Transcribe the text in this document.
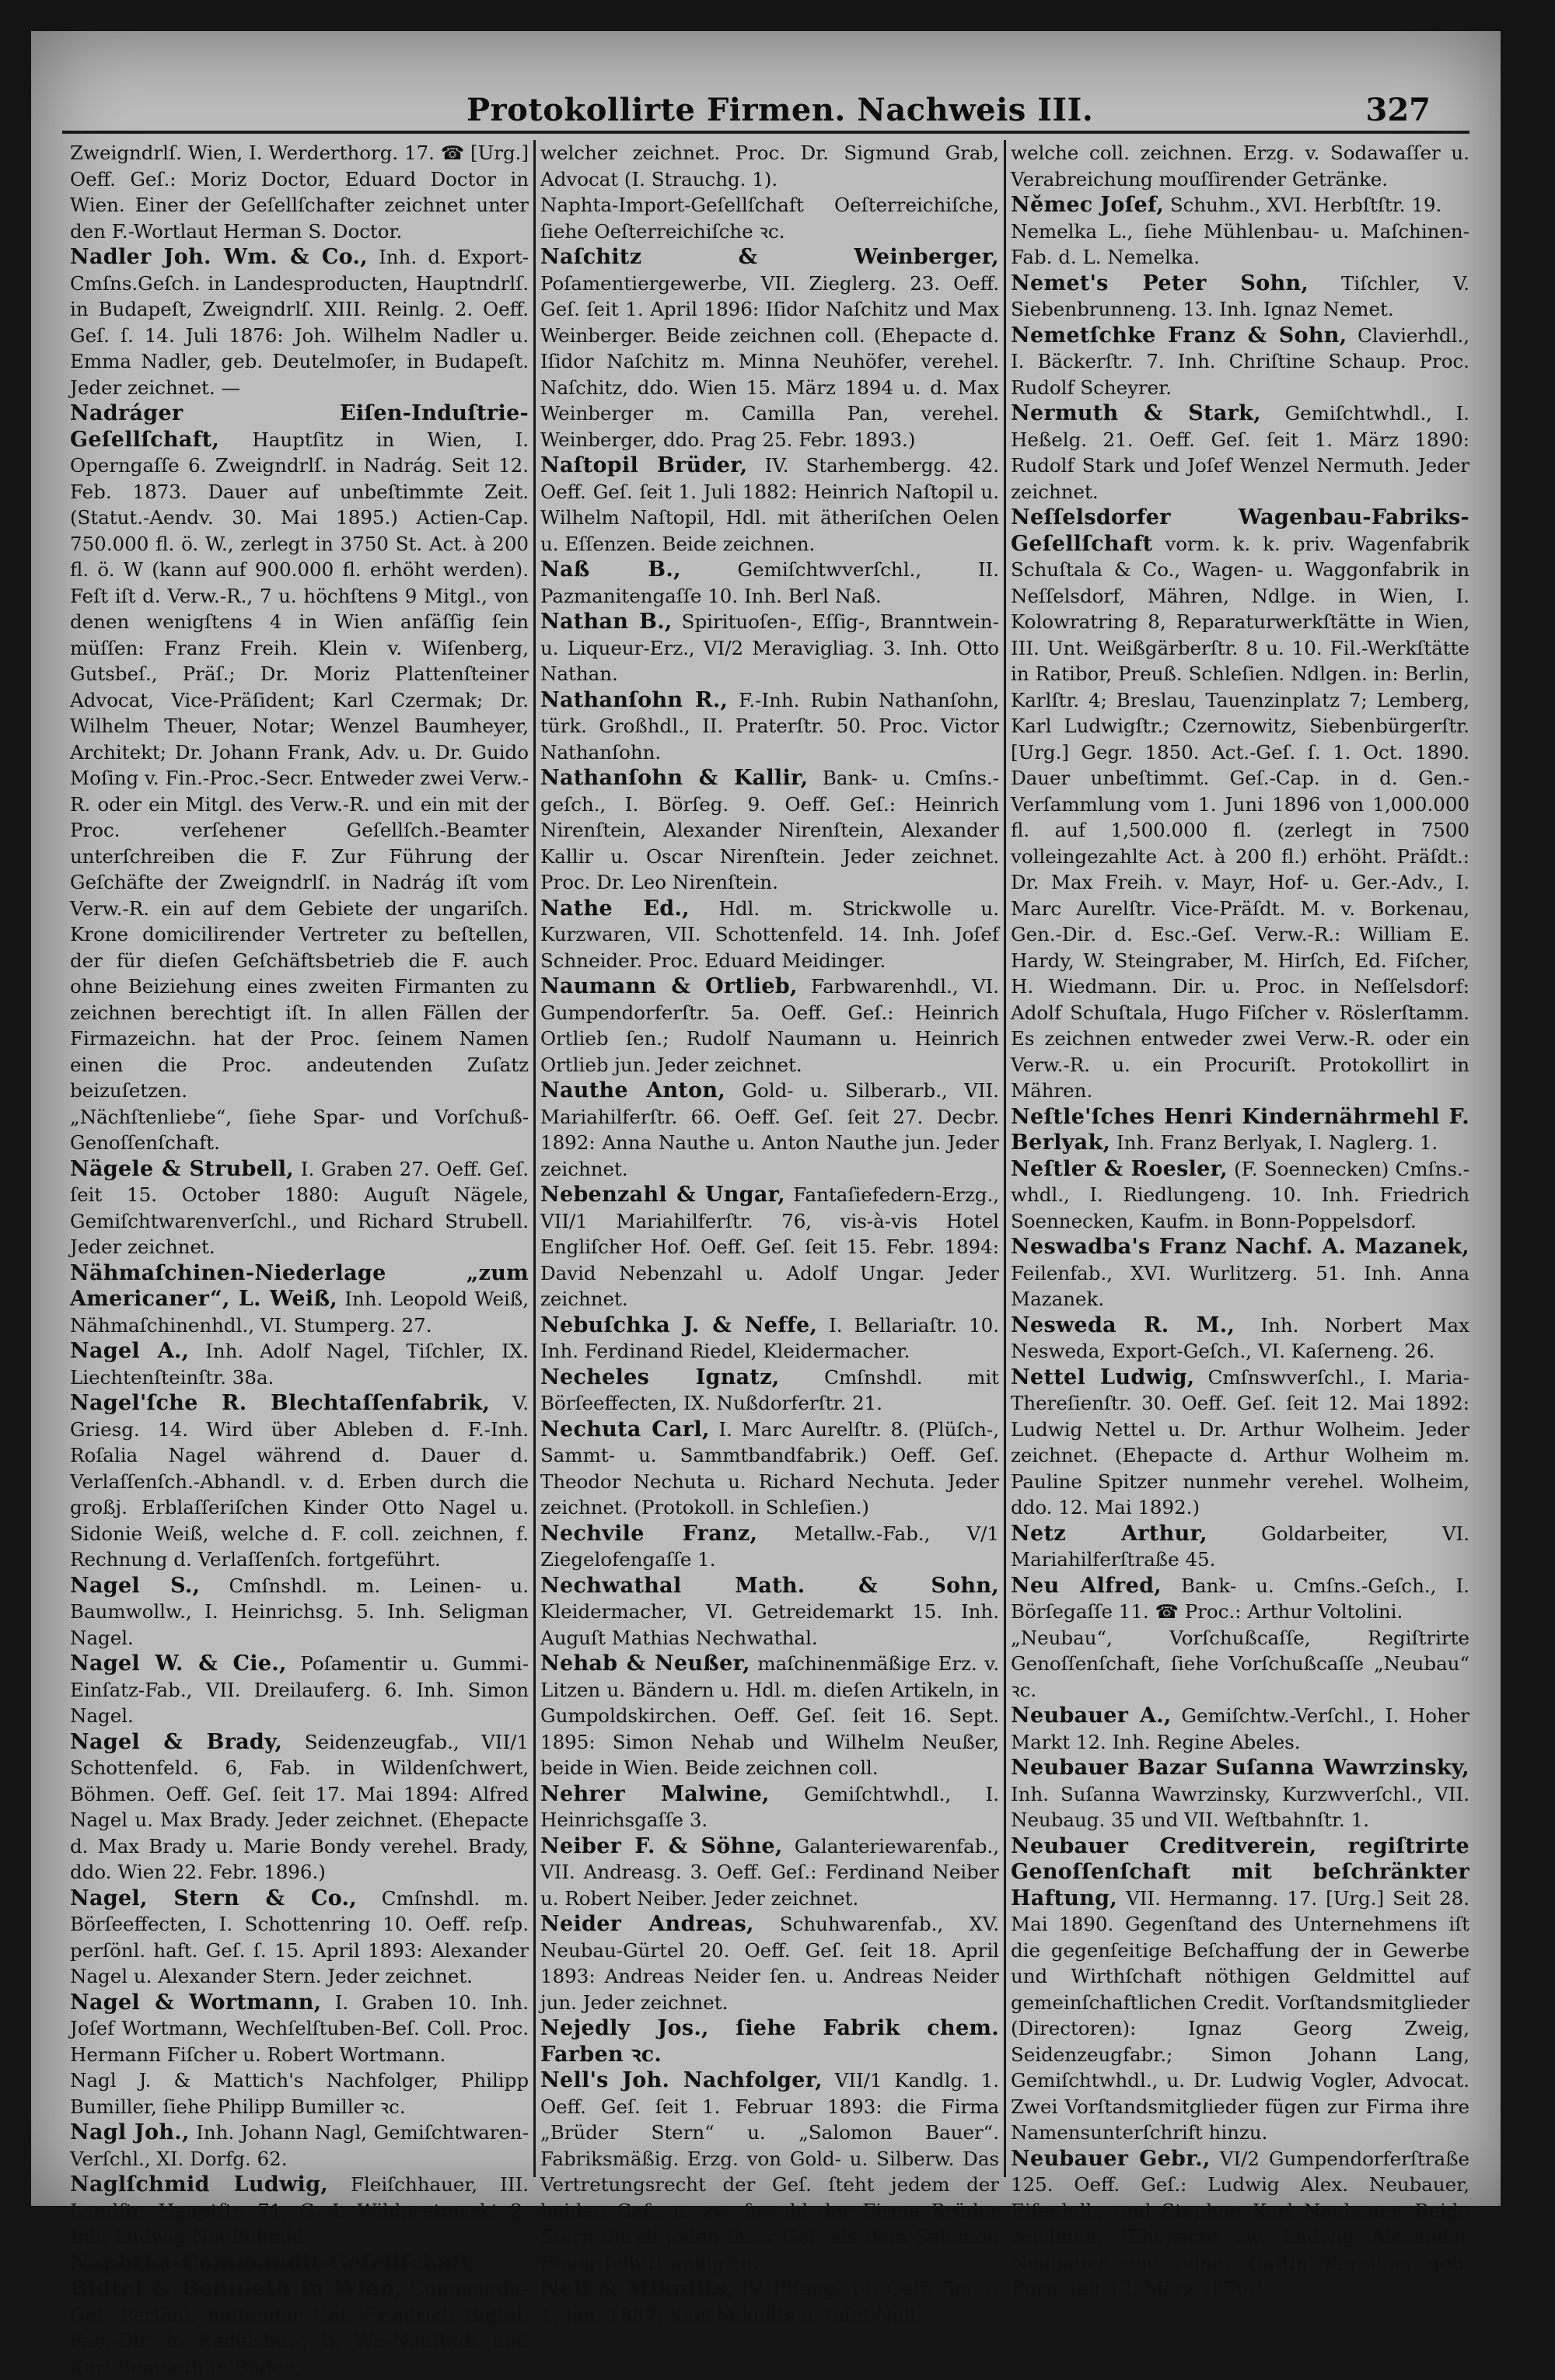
Protokollirte Firmen. Nachweis III.	327

Zweigndrlſ. Wien, I. Werderthorg. 17. ☎ [Urg.] Oeff. Geſ.: Moriz Doctor, Eduard Doctor in Wien. Einer der Geſellſchafter zeichnet unter den F.-Wortlaut Herman S. Doctor.

Nadler Joh. Wm. & Co., Inh. d. Export-Cmſns.Geſch. in Landesproducten, Hauptndrlſ. in Budapeſt, Zweigndrlſ. XIII. Reinlg. 2. Oeff. Geſ. ſ. 14. Juli 1876: Joh. Wilhelm Nadler u. Emma Nadler, geb. Deutelmoſer, in Budapeſt. Jeder zeichnet. —

Nadráger Eiſen-Induſtrie-Geſellſchaft, Hauptſitz in Wien, I. Operngaſſe 6. Zweigndrlſ. in Nadrág. Seit 12. Feb. 1873. Dauer auf unbeſtimmte Zeit. (Statut.-Aendv. 30. Mai 1895.) Actien-Cap. 750.000 fl. ö. W., zerlegt in 3750 St. Act. à 200 fl. ö. W (kann auf 900.000 fl. erhöht werden). Feſt iſt d. Verw.-R., 7 u. höchſtens 9 Mitgl., von denen wenigſtens 4 in Wien anſäſſig ſein müſſen: Franz Freih. Klein v. Wiſenberg, Gutsbeſ., Präſ.; Dr. Moriz Plattenſteiner Advocat, Vice-Präſident; Karl Czermak; Dr. Wilhelm Theuer, Notar; Wenzel Baumheyer, Architekt; Dr. Johann Frank, Adv. u. Dr. Guido Moſing v. Fin.-Proc.-Secr. Entweder zwei Verw.-R. oder ein Mitgl. des Verw.-R. und ein mit der Proc. verſehener Geſellſch.-Beamter unterſchreiben die F. Zur Führung der Geſchäfte der Zweigndrlſ. in Nadrág iſt vom Verw.-R. ein auf dem Gebiete der ungariſch. Krone domicilirender Vertreter zu beſtellen, der für dieſen Geſchäftsbetrieb die F. auch ohne Beiziehung eines zweiten Firmanten zu zeichnen berechtigt iſt. In allen Fällen der Firmazeichn. hat der Proc. ſeinem Namen einen die Proc. andeutenden Zuſatz beizuſetzen.

„Nächſtenliebe“, ſiehe Spar- und Vorſchuß-Genoſſenſchaft.

Nägele & Strubell, I. Graben 27. Oeff. Geſ. ſeit 15. October 1880: Auguſt Nägele, Gemiſchtwarenverſchl., und Richard Strubell. Jeder zeichnet.

Nähmaſchinen-Niederlage „zum Americaner“, L. Weiß, Inh. Leopold Weiß, Nähmaſchinenhdl., VI. Stumperg. 27.

Nagel A., Inh. Adolf Nagel, Tiſchler, IX. Liechtenſteinſtr. 38a.

Nagel'ſche R. Blechtaſſenfabrik, V. Griesg. 14. Wird über Ableben d. F.-Inh. Roſalia Nagel während d. Dauer d. Verlaſſenſch.-Abhandl. v. d. Erben durch die großj. Erblaſſeriſchen Kinder Otto Nagel u. Sidonie Weiß, welche d. F. coll. zeichnen, f. Rechnung d. Verlaſſenſch. fortgeführt.

Nagel S., Cmſnshdl. m. Leinen- u. Baumwollw., I. Heinrichsg. 5. Inh. Seligman Nagel.

Nagel W. & Cie., Poſamentir u. Gummi-Einſatz-Fab., VII. Dreilauferg. 6. Inh. Simon Nagel.

Nagel & Brady, Seidenzeugfab., VII/1 Schottenfeld. 6, Fab. in Wildenſchwert, Böhmen. Oeff. Geſ. ſeit 17. Mai 1894: Alfred Nagel u. Max Brady. Jeder zeichnet. (Ehepacte d. Max Brady u. Marie Bondy verehel. Brady, ddo. Wien 22. Febr. 1896.)

Nagel, Stern & Co., Cmſnshdl. m. Börſeeffecten, I. Schottenring 10. Oeff. reſp. perſönl. haft. Geſ. ſ. 15. April 1893: Alexander Nagel u. Alexander Stern. Jeder zeichnet.

Nagel & Wortmann, I. Graben 10. Inh. Joſef Wortmann, Wechſelſtuben-Beſ. Coll. Proc. Hermann Fiſcher u. Robert Wortmann.

Nagl J. & Mattich's Nachfolger, Philipp Bumiller, ſiehe Philipp Bumiller ꝛc.

Nagl Joh., Inh. Johann Nagl, Gemiſchtwaren-Verſchl., XI. Dorfg. 62.

Naglſchmid Ludwig, Fleiſchhauer, III. Landſtr. Hauptſtr. 71, G. I. Wildpretmarkt 2. Inh. Ludwig Naglſchmid.

Naphtha-Commandit-Geſellſchaft Bidtel & Benuleth in Wien, Commandit-Geſ. Perſönl. haftender Geſ. Friedrich Bidtel, Fab.-Dir. in Radelsburg b. Wr.-Neuſtadt und Karl Benuleth in Baden,

welcher zeichnet. Proc. Dr. Sigmund Grab, Advocat (I. Strauchg. 1).

Naphta-Import-Geſellſchaft Oeſterreichiſche, ſiehe Oeſterreichiſche ꝛc.

Naſchitz & Weinberger, Poſamentiergewerbe, VII. Zieglerg. 23. Oeff. Geſ. ſeit 1. April 1896: Iſidor Naſchitz und Max Weinberger. Beide zeichnen coll. (Ehepacte d. Iſidor Naſchitz m. Minna Neuhöfer, verehel. Naſchitz, ddo. Wien 15. März 1894 u. d. Max Weinberger m. Camilla Pan, verehel. Weinberger, ddo. Prag 25. Febr. 1893.)

Naſtopil Brüder, IV. Starhembergg. 42. Oeff. Geſ. ſeit 1. Juli 1882: Heinrich Naſtopil u. Wilhelm Naſtopil, Hdl. mit ätheriſchen Oelen u. Eſſenzen. Beide zeichnen.

Naß B.,	Gemiſchtwverſchl., II. Pazmanitengaſſe 10. Inh. Berl Naß.

Nathan B., Spirituoſen-, Eſſig-, Branntwein- u. Liqueur-Erz., VI/2 Meravigliag. 3. Inh. Otto Nathan.

Nathanſohn R., F.-Inh. Rubin Nathanſohn, türk. Großhdl., II. Praterſtr. 50. Proc. Victor Nathanſohn.

Nathanſohn & Kallir, Bank- u. Cmſns.-geſch., I. Börſeg. 9. Oeff. Geſ.: Heinrich Nirenſtein, Alexander Nirenſtein, Alexander Kallir u. Oscar Nirenſtein. Jeder zeichnet. Proc. Dr. Leo Nirenſtein.

Nathe Ed., Hdl. m. Strickwolle u. Kurzwaren, VII. Schottenfeld. 14. Inh. Joſef Schneider. Proc. Eduard Meidinger.

Naumann & Ortlieb, Farbwarenhdl., VI. Gumpendorferſtr. 5a. Oeff. Geſ.: Heinrich Ortlieb ſen.; Rudolf Naumann u. Heinrich Ortlieb jun. Jeder zeichnet.

Nauthe Anton, Gold- u. Silberarb., VII. Mariahilferſtr. 66. Oeff. Geſ. ſeit 27. Decbr. 1892: Anna Nauthe u. Anton Nauthe jun. Jeder zeichnet.

Nebenzahl & Ungar, Fantaſiefedern-Erzg., VII/1 Mariahilferſtr. 76, vis-à-vis Hotel Engliſcher Hof. Oeff. Geſ. ſeit 15. Febr. 1894: David Nebenzahl u. Adolf Ungar. Jeder zeichnet.

Nebuſchka J. & Neffe, I. Bellariaſtr. 10. Inh. Ferdinand Riedel, Kleidermacher.

Necheles Ignatz, Cmſnshdl. mit Börſeeffecten, IX. Nußdorferſtr. 21.

Nechuta Carl, I. Marc Aurelſtr. 8. (Plüſch-, Sammt- u. Sammtbandfabrik.) Oeff. Geſ. Theodor Nechuta u. Richard Nechuta. Jeder zeichnet. (Protokoll. in Schleſien.)

Nechvile Franz, Metallw.-Fab., V/1 Ziegelofengaſſe 1.

Nechwathal Math. & Sohn, Kleidermacher, VI. Getreidemarkt 15. Inh. Auguſt Mathias Nechwathal.

Nehab & Neußer, maſchinenmäßige Erz. v. Litzen u. Bändern u. Hdl. m. dieſen Artikeln, in Gumpoldskirchen. Oeff. Geſ. ſeit 16. Sept. 1895: Simon Nehab und Wilhelm Neußer, beide in Wien. Beide zeichnen coll.

Nehrer Malwine, Gemiſchtwhdl., I. Heinrichsgaſſe 3.

Neiber F. & Söhne, Galanteriewarenfab., VII. Andreasg. 3. Oeff. Geſ.: Ferdinand Neiber u. Robert Neiber. Jeder zeichnet.

Neider Andreas, Schuhwarenfab., XV. Neubau-Gürtel 20. Oeff. Geſ. ſeit 18. April 1893: Andreas Neider ſen. u. Andreas Neider jun. Jeder zeichnet.

Nejedly Jos., ſiehe Fabrik chem. Farben ꝛc.

Nell's Joh. Nachfolger, VII/1 Kandlg. 1. Oeff. Geſ. ſeit 1. Februar 1893: die Firma „Brüder Stern“ u. „Salomon Bauer“. Fabriksmäßig. Erzg. von Gold- u. Silberw. Das Vertretungsrecht der Geſ. ſteht jedem der beiden Geſ., u. zw. ſowohl der Firma Brüder Stern durch jeden ihrer Geſ. als dem Salomon Bauer ſelbſtſtändig zu.

Nell & Mikulits, IV. Eiſeng. 14. Oeff. Geſ. ſ. 1. Jan. 1887: Karl Mikulits u. Joſef Nell,

welche coll. zeichnen. Erzg. v. Sodawaſſer u. Verabreichung mouſſirender Getränke.

Němec Joſef, Schuhm., XVI. Herbſtſtr. 19.

Nemelka L., ſiehe Mühlenbau- u. Maſchinen-Fab. d. L. Nemelka.

Nemet's Peter Sohn, Tiſchler, V. Siebenbrunneng. 13. Inh. Ignaz Nemet.

Nemetſchke Franz & Sohn, Clavierhdl., I. Bäckerſtr. 7. Inh. Chriſtine Schaup. Proc. Rudolf Scheyrer.

Nermuth & Stark, Gemiſchtwhdl., I. Heßelg. 21. Oeff. Geſ. ſeit 1. März 1890: Rudolf Stark und Joſef Wenzel Nermuth. Jeder zeichnet.

Neſſelsdorfer Wagenbau-Fabriks-Geſellſchaft vorm. k. k. priv. Wagenfabrik Schuſtala & Co., Wagen- u. Waggonfabrik in Neſſelsdorf, Mähren, Ndlge. in Wien, I. Kolowratring 8, Reparaturwerkſtätte in Wien, III. Unt. Weißgärberſtr. 8 u. 10. Fil.-Werkſtätte in Ratibor, Preuß. Schleſien. Ndlgen. in: Berlin, Karlſtr. 4; Breslau, Tauenzinplatz 7; Lemberg, Karl Ludwigſtr.; Czernowitz, Siebenbürgerſtr. [Urg.] Gegr. 1850. Act.-Geſ. ſ. 1. Oct. 1890. Dauer unbeſtimmt. Geſ.-Cap. in d. Gen.-Verſammlung vom 1. Juni 1896 von 1,000.000 fl. auf 1,500.000 fl. (zerlegt in 7500 volleingezahlte Act. à 200 fl.) erhöht. Präſdt.: Dr. Max Freih. v. Mayr, Hof- u. Ger.-Adv., I. Marc Aurelſtr. Vice-Präſdt. M. v. Borkenau, Gen.-Dir. d. Esc.-Geſ. Verw.-R.: William E. Hardy, W. Steingraber, M. Hirſch, Ed. Fiſcher, H. Wiedmann. Dir. u. Proc. in Neſſelsdorf: Adolf Schuſtala, Hugo Fiſcher v. Röslerſtamm. Es zeichnen entweder zwei Verw.-R. oder ein Verw.-R. u. ein Procuriſt. Protokollirt in Mähren.

Neſtle'ſches Henri Kindernährmehl F. Berlyak, Inh. Franz Berlyak, I. Naglerg. 1.

Neſtler & Roesler, (F. Soennecken) Cmſns.-whdl., I. Riedlungeng. 10. Inh. Friedrich Soennecken, Kaufm. in Bonn-Poppelsdorf.

Neswadba's Franz Nachf. A. Mazanek, Feilenfab., XVI. Wurlitzerg. 51. Inh. Anna Mazanek.

Nesweda R. M., Inh. Norbert Max Nesweda, Export-Geſch., VI. Kaſerneng. 26.

Nettel Ludwig, Cmſnswverſchl., I. Maria-Thereſienſtr. 30. Oeff. Geſ. ſeit 12. Mai 1892: Ludwig Nettel u. Dr. Arthur Wolheim. Jeder zeichnet. (Ehepacte d. Arthur Wolheim m. Pauline Spitzer nunmehr verehel. Wolheim, ddo. 12. Mai 1892.)

Netz Arthur,	Goldarbeiter, VI. Mariahilferſtraße 45.

Neu Alfred, Bank- u. Cmſns.-Geſch., I. Börſegaſſe 11. ☎ Proc.: Arthur Voltolini.

„Neubau“, Vorſchußcaſſe, Regiſtrirte Genoſſenſchaft, ſiehe Vorſchußcaſſe „Neubau“ ꝛc.

Neubauer A., Gemiſchtw.-Verſchl., I. Hoher Markt 12. Inh. Regine Abeles.

Neubauer Bazar Suſanna Wawrzinsky, Inh. Suſanna Wawrzinsky, Kurzwverſchl., VII. Neubaug. 35 und VII. Weſtbahnſtr. 1.

Neubauer Creditverein, regiſtrirte Genoſſenſchaft mit beſchränkter Haftung, VII. Hermanng. 17. [Urg.] Seit 28. Mai 1890. Gegenſtand des Unternehmens iſt die gegenſeitige Beſchaffung der in Gewerbe und Wirthſchaft nöthigen Geldmittel auf gemeinſchaftlichen Credit. Vorſtandsmitglieder (Directoren): Ignaz Georg Zweig, Seidenzeugfabr.; Simon Johann Lang, Gemiſchtwhdl., u. Dr. Ludwig Vogler, Advocat. Zwei Vorſtandsmitglieder fügen zur Firma ihre Namensunterſchrift hinzu.

Neubauer Gebr., VI/2 Gumpendorferſtraße 125. Oeff. Geſ.: Ludwig Alex. Neubauer, Eiſenhdl., und Stephan Karl Neubauer. Beide zeichnen. (Ehepacte zw. Ludwig Alexander Neubauer und ſeiner Gattin Karoline, geb. Born, ſeit 12. März 1876.)
